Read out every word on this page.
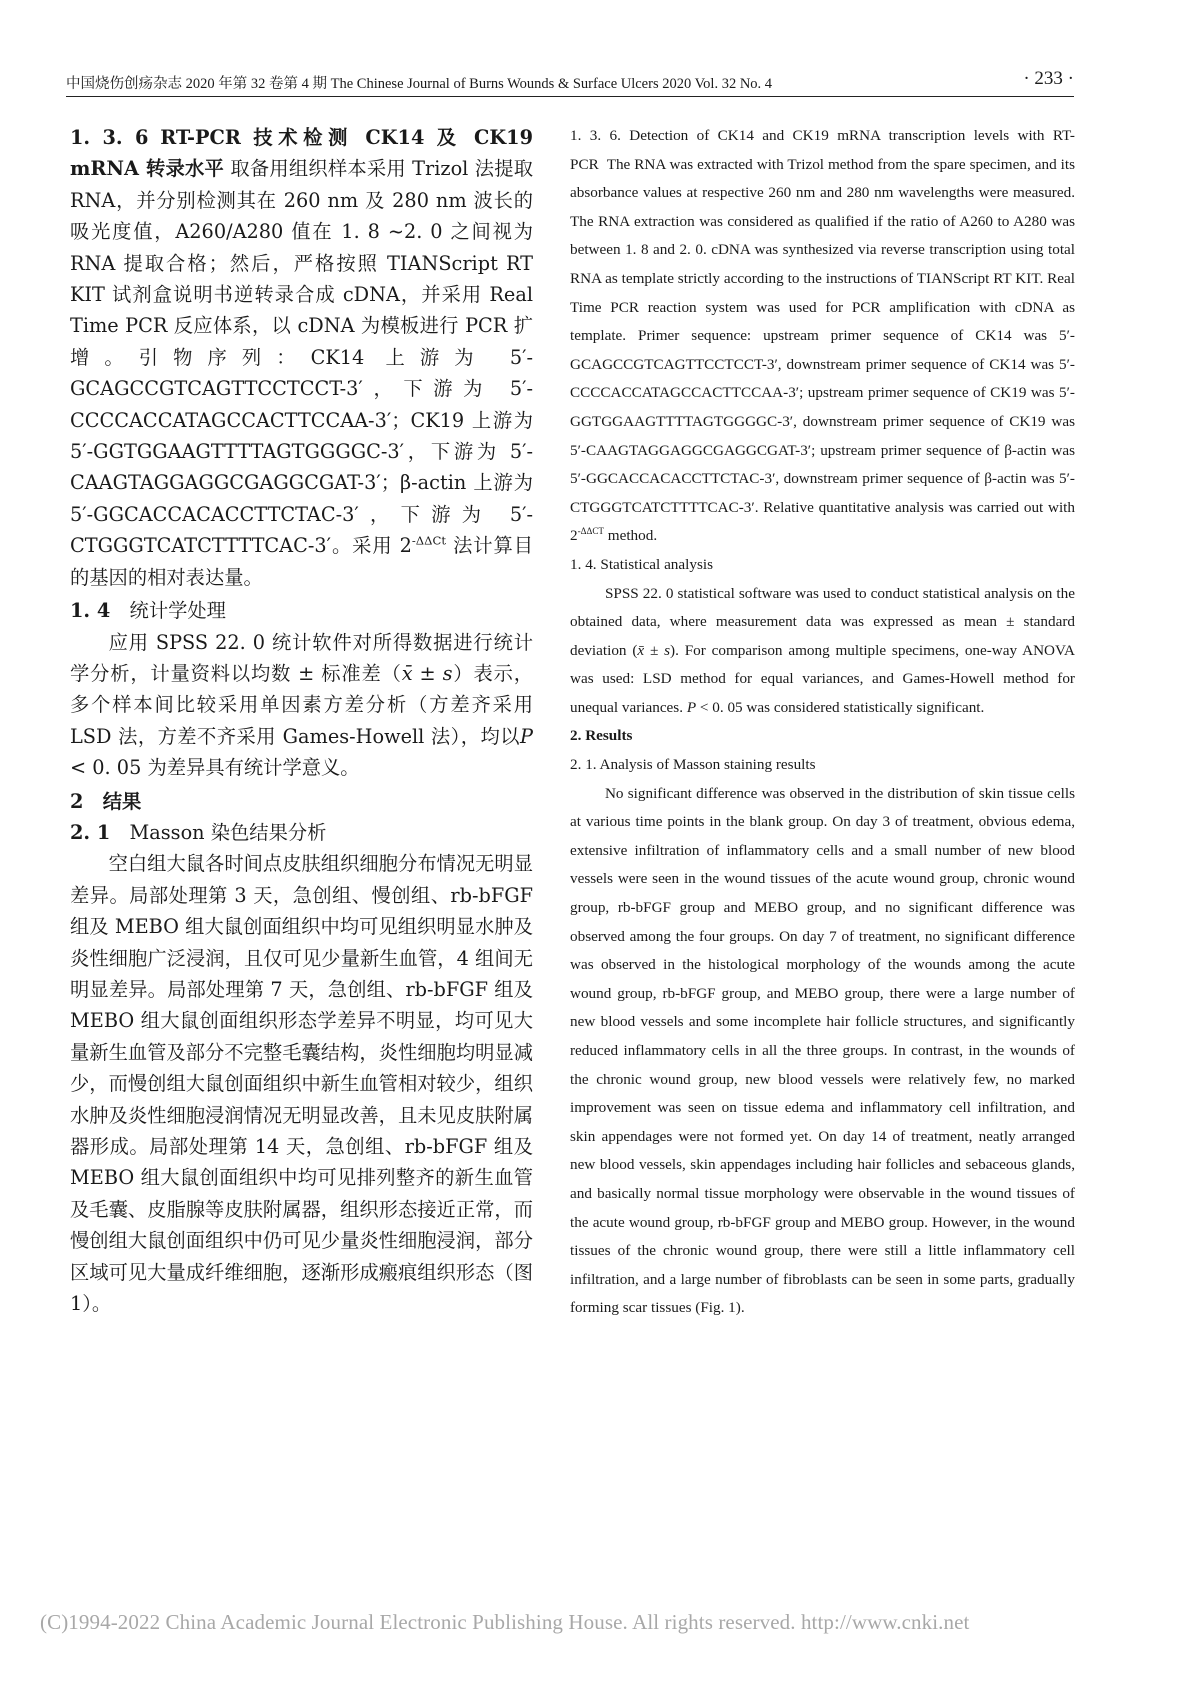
中国烧伤创疡杂志 2020 年第 32 卷第 4 期 The Chinese Journal of Burns Wounds & Surface Ulcers 2020 Vol. 32 No. 4	· 233 ·

1. 3. 6 RT-PCR 技术检测 CK14 及 CK19 mRNA 转录水平 取备用组织样本采用 Trizol 法提取 RNA，并分别检测其在 260 nm 及 280 nm 波长的吸光度值，A260/A280 值在 1. 8 ~2. 0 之间视为 RNA 提取合格；然后，严格按照 TIANScript RT KIT 试剂盒说明书逆转录合成 cDNA，并采用 Real Time PCR 反应体系，以 cDNA 为模板进行 PCR 扩增。引物序列：CK14 上游为 5′-GCAGCCGTCAGTTCCTCCT-3′，下游为 5′-CCCCACCATAGCCACTTCCAA-3′；CK19 上游为 5′-GGTGGAAGTTTTAGTGGGGC-3′，下游为 5′-CAAGTAGGAGGCGAGGCGAT-3′；β-actin 上游为 5′-GGCACCACACCTTCTAC-3′，下游为 5′-CTGGGTCATCTTTTCAC-3′。采用 $2^{-\Delta\Delta Ct}$ 法计算目的基因的相对表达量。

1. 4　 统计学处理

应用 SPSS 22. 0 统计软件对所得数据进行统计学分析，计量资料以均数 ± 标准差（x̄ ± s）表示，多个样本间比较采用单因素方差分析（方差齐采用 LSD 法，方差不齐采用 Games-Howell 法），均以P < 0. 05 为差异具有统计学意义。

2　结果

2. 1　 Masson 染色结果分析

空白组大鼠各时间点皮肤组织细胞分布情况无明显差异。局部处理第 3 天，急创组、慢创组、rb-bFGF组及 MEBO 组大鼠创面组织中均可见组织明显水肿及炎性细胞广泛浸润，且仅可见少量新生血管，4 组间无明显差异。局部处理第 7 天，急创组、rb-bFGF 组及 MEBO 组大鼠创面组织形态学差异不明显，均可见大量新生血管及部分不完整毛囊结构，炎性细胞均明显减少，而慢创组大鼠创面组织中新生血管相对较少，组织水肿及炎性细胞浸润情况无明显改善，且未见皮肤附属器形成。局部处理第 14 天，急创组、rb-bFGF 组及 MEBO 组大鼠创面组织中均可见排列整齐的新生血管及毛囊、皮脂腺等皮肤附属器，组织形态接近正常，而慢创组大鼠创面组织中仍可见少量炎性细胞浸润，部分区域可见大量成纤维细胞，逐渐形成瘢痕组织形态（图 1）。

1. 3. 6. Detection of CK14 and CK19 mRNA transcription levels with RT-PCR The RNA was extracted with Trizol method from the spare specimen, and its absorbance values at respective 260 nm and 280 nm wavelengths were measured. The RNA extraction was considered as qualified if the ratio of A260 to A280 was between 1. 8 and 2. 0. cDNA was synthesized via reverse transcription using total RNA as template strictly according to the instructions of TIANScript RT KIT. Real Time PCR reaction system was used for PCR amplification with cDNA as template. Primer sequence: upstream primer sequence of CK14 was 5′-GCAGCCGTCAGTTCCTCCT-3′, downstream primer sequence of CK14 was 5′-CCCCACCATAGCCACTTCCAA-3′; upstream primer sequence of CK19 was 5′-GGTGGAAGTTTTAGTGGGGC-3′, downstream primer sequence of CK19 was 5′-CAAGTAGGAGGCGAGGCGAT-3′; upstream primer sequence of β-actin was 5′-GGCACCACACCTTCTAC-3′, downstream primer sequence of β-actin was 5′-CTGGGTCATCTTTTCAC-3′. Relative quantitative analysis was carried out with $2^{-\Delta\Delta CT}$ method.

1. 4. Statistical analysis

SPSS 22. 0 statistical software was used to conduct statistical analysis on the obtained data, where measurement data was expressed as mean ± standard deviation (x̄ ± s). For comparison among multiple specimens, one-way ANOVA was used: LSD method for equal variances, and Games-Howell method for unequal variances. P < 0. 05 was considered statistically significant.

2. Results

2. 1. Analysis of Masson staining results

No significant difference was observed in the distribution of skin tissue cells at various time points in the blank group. On day 3 of treatment, obvious edema, extensive infiltration of inflammatory cells and a small number of new blood vessels were seen in the wound tissues of the acute wound group, chronic wound group, rb-bFGF group and MEBO group, and no significant difference was observed among the four groups. On day 7 of treatment, no significant difference was observed in the histological morphology of the wounds among the acute wound group, rb-bFGF group, and MEBO group, there were a large number of new blood vessels and some incomplete hair follicle structures, and significantly reduced inflammatory cells in all the three groups. In contrast, in the wounds of the chronic wound group, new blood vessels were relatively few, no marked improvement was seen on tissue edema and inflammatory cell infiltration, and skin appendages were not formed yet. On day 14 of treatment, neatly arranged new blood vessels, skin appendages including hair follicles and sebaceous glands, and basically normal tissue morphology were observable in the wound tissues of the acute wound group, rb-bFGF group and MEBO group. However, in the wound tissues of the chronic wound group, there were still a little inflammatory cell infiltration, and a large number of fibroblasts can be seen in some parts, gradually forming scar tissues (Fig. 1).

(C)1994-2022 China Academic Journal Electronic Publishing House. All rights reserved. http://www.cnki.net
